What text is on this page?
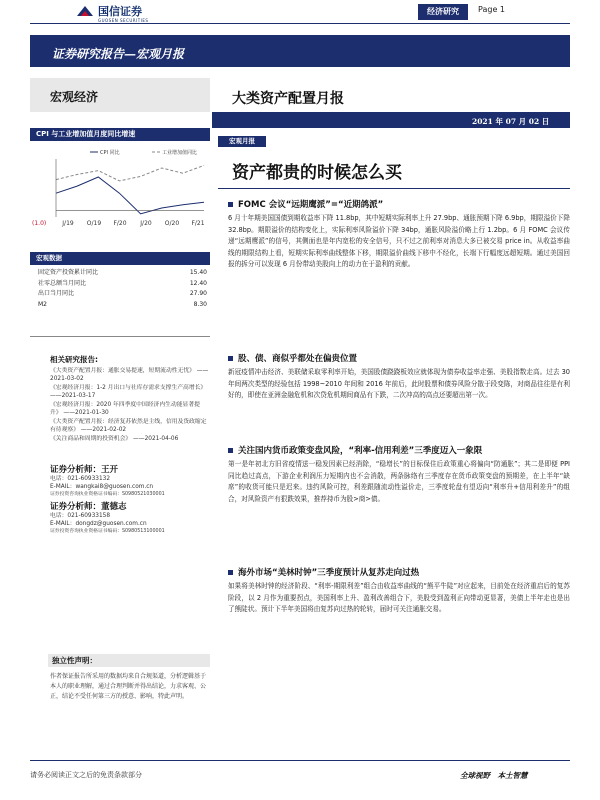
国信证券
GUOSEN SECURITIES
经济研究	Page 1
证券研究报告—宏观月报
宏观经济	大类资产配置月报
2021 年 07 月 02 日
CPI 与工业增加值月度同比增速
CPI 同比	工业增加值同比
(1.0)	J/19 O/19 F/20 J/20 O/20 F/21
宏观数据
固定资产投资累计同比	15.40
社零总额当月同比	12.40
出口当月同比	27.90
M2	8.30
相关研究报告:

《大类资产配置月报：通胀交易提速，短期流动性无忧》 ——2021-03-02

《宏观经济月报：1-2 月出口与社库存需求支撑生产高增长》 ——2021-03-17

《宏观经济月报：2020 年四季度中国经济内生动能显著提升》 ——2021-01-30

《大类资产配置月报：经济复苏依然是主线，信用及货政缩定有待观察》 ——2021-02-02

《关注商品和周期的投资机会》 ——2021-04-06

证券分析师：王开
电话：021-60933132
E-MAIL：wangkai8@guosen.com.cn
证券投资咨询执业资格证书编码：S0980521030001
证券分析师：董德志
电话：021-60933158
E-MAIL：dongdz@guosen.com.cn
证券投资咨询执业资格证书编码：S0980513100001
独立性声明：
作者保证报告所采用的数据均来自合规渠道，分析逻辑基于本人的职业理解，通过合理判断并得出结论，力求客观、公正，结论不受任何第三方的授意、影响，特此声明。
宏观月报
资产都贵的时候怎么买
FOMC 会议“远期鹰派”=“近期鸽派”
6 月十年期美国国债到期收益率下降 11.8bp，其中短期实际利率上升 27.9bp、通胀预期下降 6.9bp，期限溢价下降 32.8bp。期限溢价的结构变化上，实际利率风险溢价下降 34bp，通胀风险溢价略上行 1.2bp。6 月 FOMC 会议传递“远期鹰派”的信号，其侧面也是年内宽松的安全信号，只不过之前利率对消息大多已被交易 price in。从收益率曲线的期限结构上看，短期实际利率曲线整体下移，期限溢价曲线下移中不经化，长端下行幅度远超短期。通过美国回报的拆分可以发现 6 月份带动美股向上的动力在于盈利的贡献。
股、债、商似乎都处在偏贵位置
新冠疫情冲击经济、美联储采取零利率开始，美国股债跷跷板效应就体现为债券收益率走强、美股指数走高。过去 30 年间两次类型的经验包括 1998~2010 年间和 2016 年前后，此时股票和债券风险分散于段变陈，对商品往往是有利好的，即使在亚洲金融危机和次贷危机期间商品有下跌，二次冲高的高点还要超出第一次。
关注国内货币政策变盘风险，“利率-信用利差”三季度迈入一象限
第一是年初北方旧省疫情送一稳发因素已经消除，“稳增长”的目标保住后政策重心将偏向“防通胀”；其二是即便 PPI 同比趋过高点，下游企业利润压力短期内也不会消散，两条脉络有三季度存在货币政策变盘的预期差，在上半年“缺席”的收货可能只是迟来。违约风险可控，利差跟随流动性溢价走，三季度轮盘有望迈向“利率升+信用利差升”的组合，对风险资产有狠跌效果，推荐持币为股>商>债。
海外市场“美林时钟”三季度预计从复苏走向过热
如果将美林时钟的经济阶段、“利率-期限利差”组合由收益率曲线的“熊平牛陡”对应起来，目前处在经济重启后的复苏阶段，以 2 月作为重要拐点，美国利率上升、盈利改善组合下，美股受到盈利正向带动更显著，美债上半年走也是出了熊陡状。预计下半年美国将由复苏向过热的轮转，届时可关注通胀交易。
请务必阅读正文之后的免责条款部分	全球视野　本土智慧
